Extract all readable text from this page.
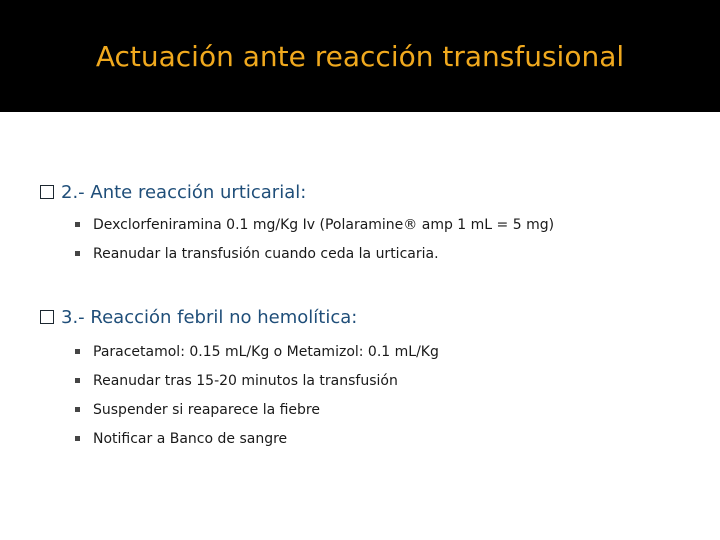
Actuación ante reacción transfusional
2.- Ante reacción urticarial:
Dexclorfeniramina 0.1 mg/Kg Iv (Polaramine® amp 1 mL = 5 mg)
Reanudar la transfusión cuando ceda la urticaria.
3.- Reacción febril no hemolítica:
Paracetamol: 0.15 mL/Kg o Metamizol: 0.1 mL/Kg
Reanudar tras 15-20 minutos la transfusión
Suspender si reaparece la fiebre
Notificar a Banco de sangre
